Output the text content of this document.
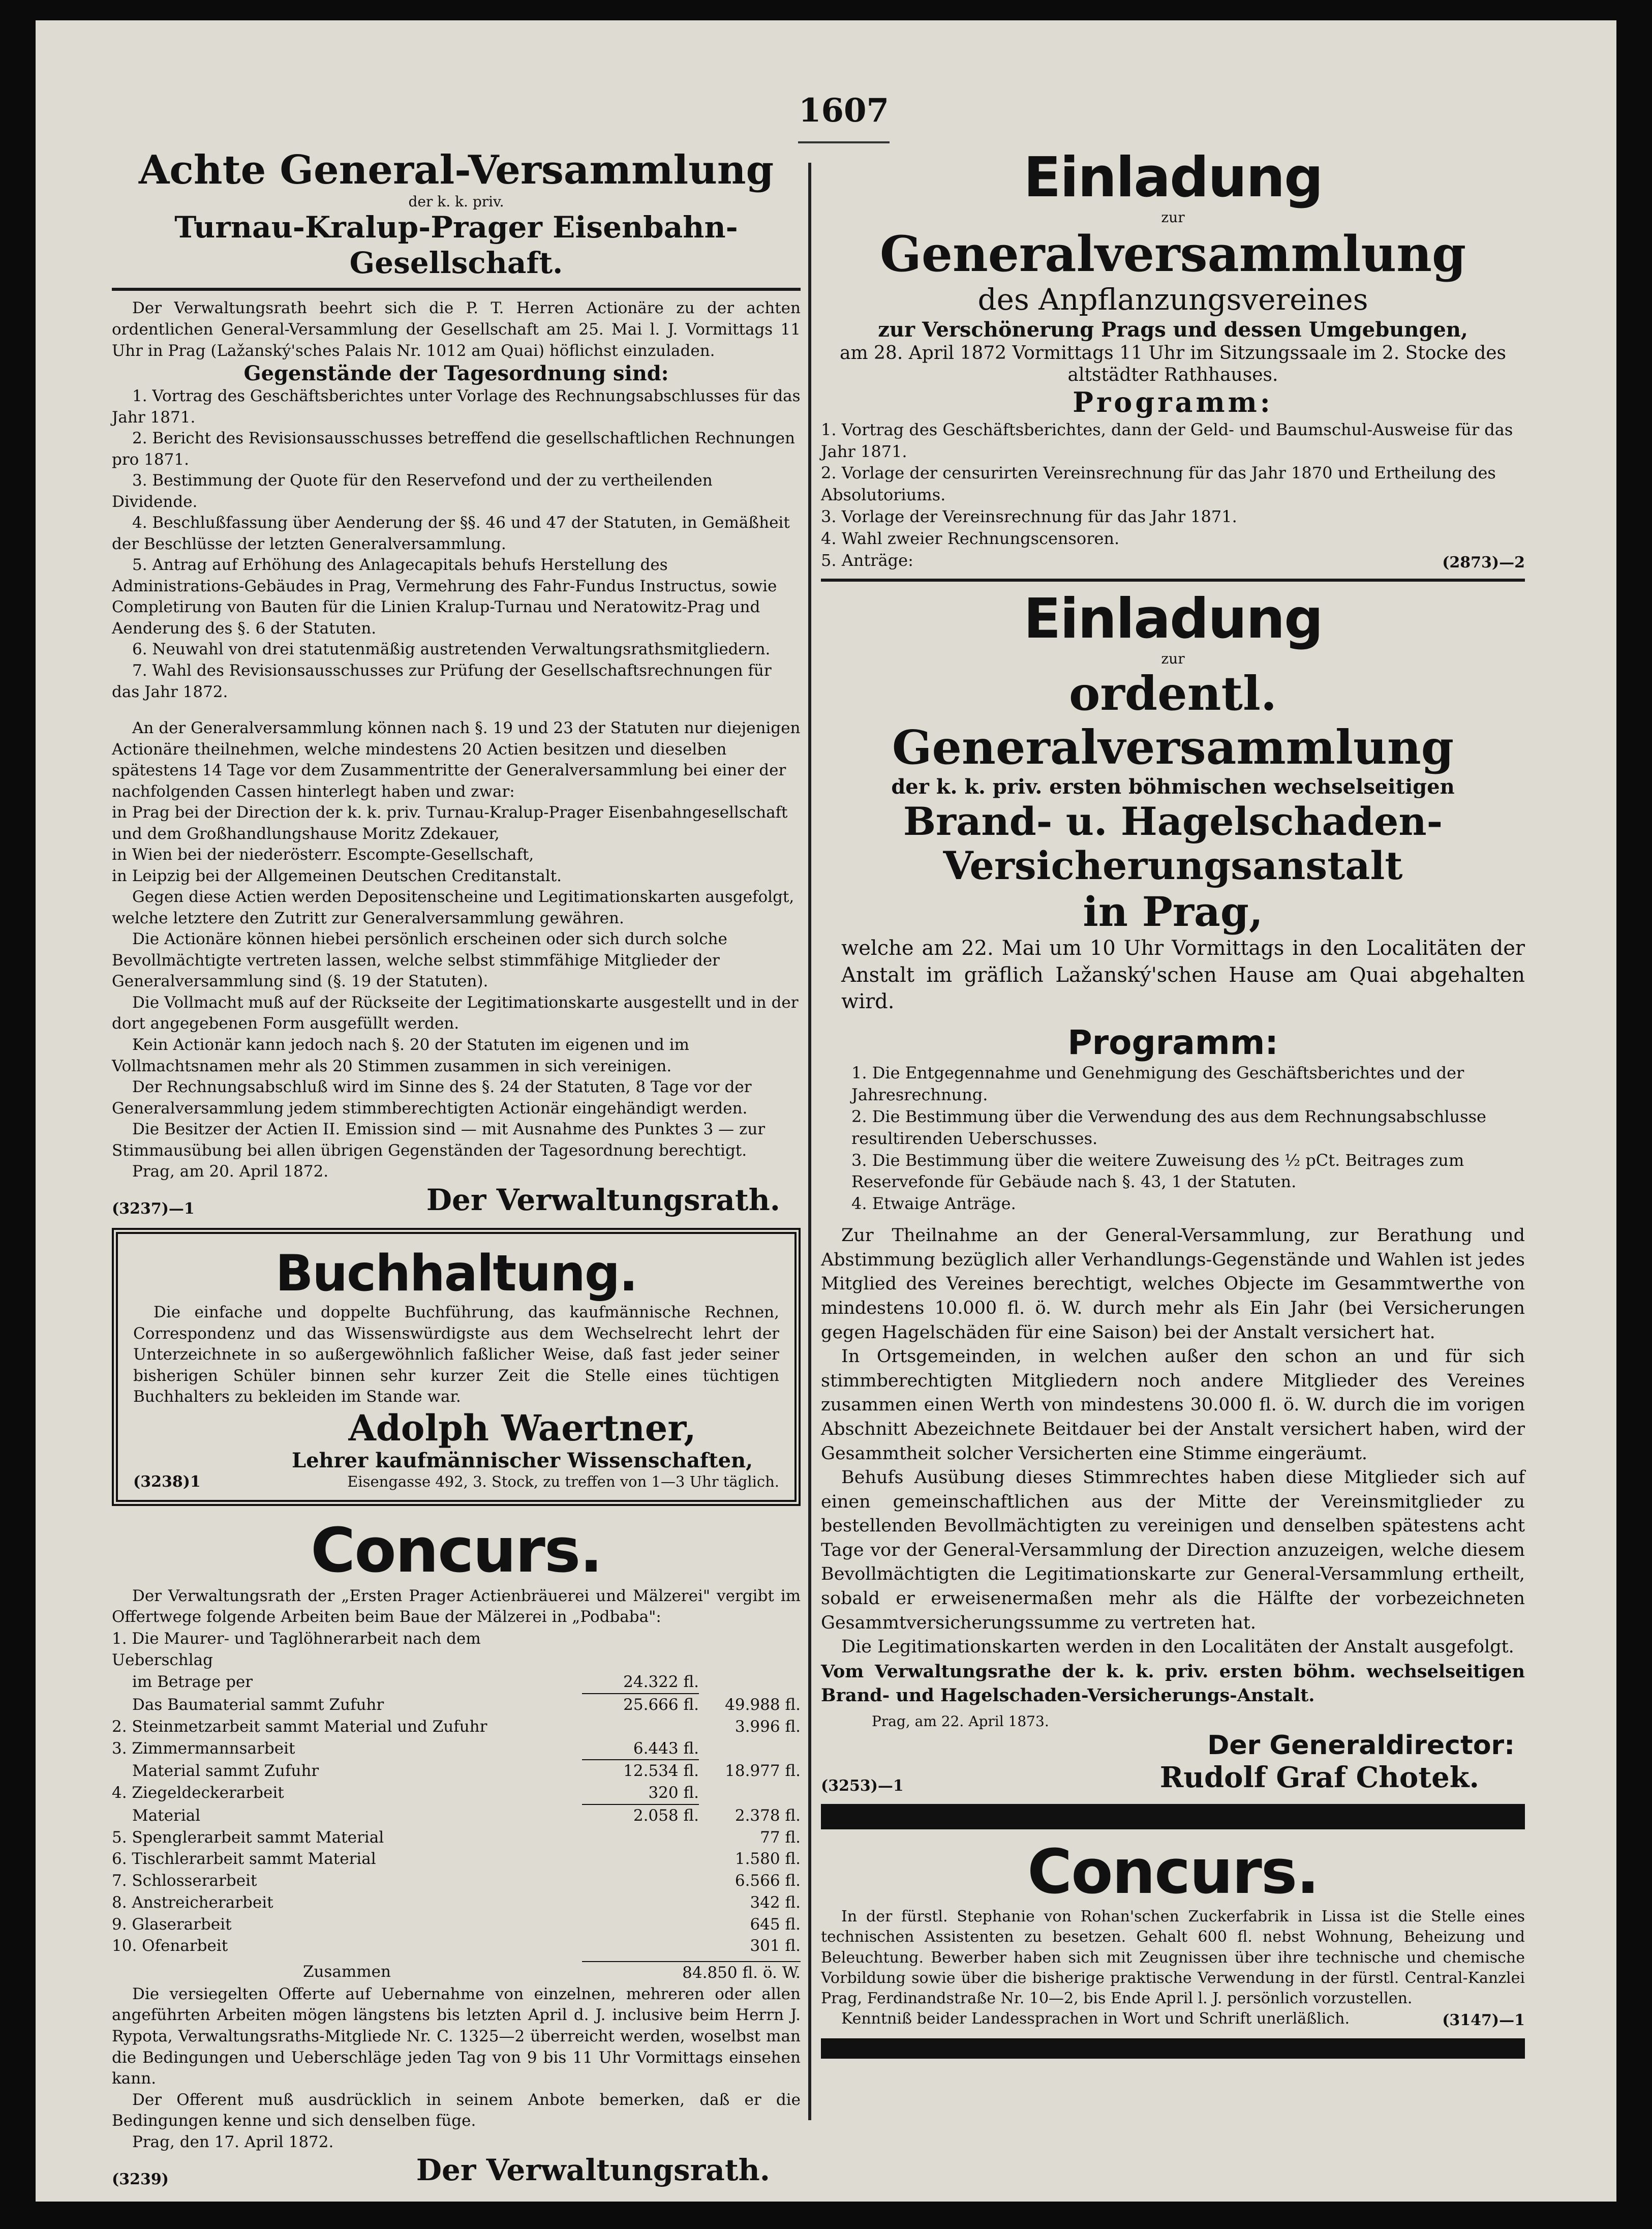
1607
Achte General-Versammlung
der k. k. priv.
Turnau-Kralup-Prager Eisenbahn-Gesellschaft.

Der Verwaltungsrath beehrt sich die P. T. Herren Actionäre zu der achten ordentlichen General-Versammlung der Gesellschaft am 25. Mai l. J. Vormittags 11 Uhr in Prag (Lažanský'sches Palais Nr. 1012 am Quai) höflichst einzuladen.

Gegenstände der Tagesordnung sind:

1. Vortrag des Geschäftsberichtes unter Vorlage des Rechnungsabschlusses für das Jahr 1871.

2. Bericht des Revisionsausschusses betreffend die gesellschaftlichen Rechnungen pro 1871.

3. Bestimmung der Quote für den Reservefond und der zu vertheilenden Dividende.

4. Beschlußfassung über Aenderung der §§. 46 und 47 der Statuten, in Gemäßheit der Beschlüsse der letzten Generalversammlung.

5. Antrag auf Erhöhung des Anlagecapitals behufs Herstellung des Administrations-Gebäudes in Prag, Vermehrung des Fahr-Fundus Instructus, sowie Completirung von Bauten für die Linien Kralup-Turnau und Neratowitz-Prag und Aenderung des §. 6 der Statuten.

6. Neuwahl von drei statutenmäßig austretenden Verwaltungsrathsmitgliedern.

7. Wahl des Revisionsausschusses zur Prüfung der Gesellschaftsrechnungen für das Jahr 1872.

An der Generalversammlung können nach §. 19 und 23 der Statuten nur diejenigen Actionäre theilnehmen, welche mindestens 20 Actien besitzen und dieselben spätestens 14 Tage vor dem Zusammentritte der Generalversammlung bei einer der nachfolgenden Cassen hinterlegt haben und zwar:

in Prag bei der Direction der k. k. priv. Turnau-Kralup-Prager Eisenbahngesellschaft und dem Großhandlungshause Moritz Zdekauer,

in Wien bei der niederösterr. Escompte-Gesellschaft,

in Leipzig bei der Allgemeinen Deutschen Creditanstalt.

Gegen diese Actien werden Depositenscheine und Legitimationskarten ausgefolgt, welche letztere den Zutritt zur Generalversammlung gewähren.

Die Actionäre können hiebei persönlich erscheinen oder sich durch solche Bevollmächtigte vertreten lassen, welche selbst stimmfähige Mitglieder der Generalversammlung sind (§. 19 der Statuten).

Die Vollmacht muß auf der Rückseite der Legitimationskarte ausgestellt und in der dort angegebenen Form ausgefüllt werden.

Kein Actionär kann jedoch nach §. 20 der Statuten im eigenen und im Vollmachtsnamen mehr als 20 Stimmen zusammen in sich vereinigen.

Der Rechnungsabschluß wird im Sinne des §. 24 der Statuten, 8 Tage vor der Generalversammlung jedem stimmberechtigten Actionär eingehändigt werden.

Die Besitzer der Actien II. Emission sind — mit Ausnahme des Punktes 3 — zur Stimmausübung bei allen übrigen Gegenständen der Tagesordnung berechtigt.

Prag, am 20. April 1872.

(3237)—1	Der Verwaltungsrath.
Buchhaltung.

Die einfache und doppelte Buchführung, das kaufmännische Rechnen, Correspondenz und das Wissenswürdigste aus dem Wechselrecht lehrt der Unterzeichnete in so außergewöhnlich faßlicher Weise, daß fast jeder seiner bisherigen Schüler binnen sehr kurzer Zeit die Stelle eines tüchtigen Buchhalters zu bekleiden im Stande war.

Adolph Waertner,
Lehrer kaufmännischer Wissenschaften,
(3238)1	Eisengasse 492, 3. Stock, zu treffen von 1—3 Uhr täglich.
Concurs.

Der Verwaltungsrath der „Ersten Prager Actienbräuerei und Mälzerei" vergibt im Offertwege folgende Arbeiten beim Baue der Mälzerei in „Podbaba":

1. Die Maurer- und Taglöhnerarbeit nach dem Ueberschlag
im Betrage per	24.322 fl.
Das Baumaterial sammt Zufuhr	25.666 fl.	49.988 fl.
2. Steinmetzarbeit sammt Material und Zufuhr	3.996 fl.
3. Zimmermannsarbeit	6.443 fl.
Material sammt Zufuhr	12.534 fl.	18.977 fl.
4. Ziegeldeckerarbeit	320 fl.
Material	2.058 fl.	2.378 fl.
5. Spenglerarbeit sammt Material	77 fl.
6. Tischlerarbeit sammt Material	1.580 fl.
7. Schlosserarbeit	6.566 fl.
8. Anstreicherarbeit	342 fl.
9. Glaserarbeit	645 fl.
10. Ofenarbeit	301 fl.
Zusammen	84.850 fl. ö. W.

Die versiegelten Offerte auf Uebernahme von einzelnen, mehreren oder allen angeführten Arbeiten mögen längstens bis letzten April d. J. inclusive beim Herrn J. Rypota, Verwaltungsraths-Mitgliede Nr. C. 1325—2 überreicht werden, woselbst man die Bedingungen und Ueberschläge jeden Tag von 9 bis 11 Uhr Vormittags einsehen kann.

Der Offerent muß ausdrücklich in seinem Anbote bemerken, daß er die Bedingungen kenne und sich denselben füge.

Prag, den 17. April 1872.

(3239)	Der Verwaltungsrath.
Einladung
zur
Generalversammlung
des Anpflanzungsvereines
zur Verschönerung Prags und dessen Umgebungen,

am 28. April 1872 Vormittags 11 Uhr im Sitzungssaale im 2. Stocke des altstädter Rathhauses.

Programm:

1. Vortrag des Geschäftsberichtes, dann der Geld- und Baumschul-Ausweise für das Jahr 1871.

2. Vorlage der censurirten Vereinsrechnung für das Jahr 1870 und Ertheilung des Absolutoriums.

3. Vorlage der Vereinsrechnung für das Jahr 1871.

4. Wahl zweier Rechnungscensoren.

5. Anträge:	(2873)—2
Einladung
zur
ordentl. Generalversammlung
der k. k. priv. ersten böhmischen wechselseitigen
Brand- u. Hagelschaden-Versicherungsanstalt
in Prag,

welche am 22. Mai um 10 Uhr Vormittags in den Localitäten der Anstalt im gräflich Lažanský'schen Hause am Quai abgehalten wird.

Programm:

1. Die Entgegennahme und Genehmigung des Geschäftsberichtes und der Jahresrechnung.

2. Die Bestimmung über die Verwendung des aus dem Rechnungsabschlusse resultirenden Ueberschusses.

3. Die Bestimmung über die weitere Zuweisung des ½ pCt. Beitrages zum Reservefonde für Gebäude nach §. 43, 1 der Statuten.

4. Etwaige Anträge.

Zur Theilnahme an der General-Versammlung, zur Berathung und Abstimmung bezüglich aller Verhandlungs-Gegenstände und Wahlen ist jedes Mitglied des Vereines berechtigt, welches Objecte im Gesammtwerthe von mindestens 10.000 fl. ö. W. durch mehr als Ein Jahr (bei Versicherungen gegen Hagelschäden für eine Saison) bei der Anstalt versichert hat.

In Ortsgemeinden, in welchen außer den schon an und für sich stimmberechtigten Mitgliedern noch andere Mitglieder des Vereines zusammen einen Werth von mindestens 30.000 fl. ö. W. durch die im vorigen Abschnitt Abezeichnete Beitdauer bei der Anstalt versichert haben, wird der Gesammtheit solcher Versicherten eine Stimme eingeräumt.

Behufs Ausübung dieses Stimmrechtes haben diese Mitglieder sich auf einen gemeinschaftlichen aus der Mitte der Vereinsmitglieder zu bestellenden Bevollmächtigten zu vereinigen und denselben spätestens acht Tage vor der General-Versammlung der Direction anzuzeigen, welche diesem Bevollmächtigten die Legitimationskarte zur General-Versammlung ertheilt, sobald er erweisenermaßen mehr als die Hälfte der vorbezeichneten Gesammtversicherungssumme zu vertreten hat.

Die Legitimationskarten werden in den Localitäten der Anstalt ausgefolgt.

Vom Verwaltungsrathe der k. k. priv. ersten böhm. wechselseitigen Brand- und Hagelschaden-Versicherungs-Anstalt.

Prag, am 22. April 1873.

Der Generaldirector:
(3253)—1	Rudolf Graf Chotek.
Concurs.

In der fürstl. Stephanie von Rohan'schen Zuckerfabrik in Lissa ist die Stelle eines technischen Assistenten zu besetzen. Gehalt 600 fl. nebst Wohnung, Beheizung und Beleuchtung. Bewerber haben sich mit Zeugnissen über ihre technische und chemische Vorbildung sowie über die bisherige praktische Verwendung in der fürstl. Central-Kanzlei Prag, Ferdinandstraße Nr. 10—2, bis Ende April l. J. persönlich vorzustellen.

Kenntniß beider Landessprachen in Wort und Schrift unerläßlich.	(3147)—1
